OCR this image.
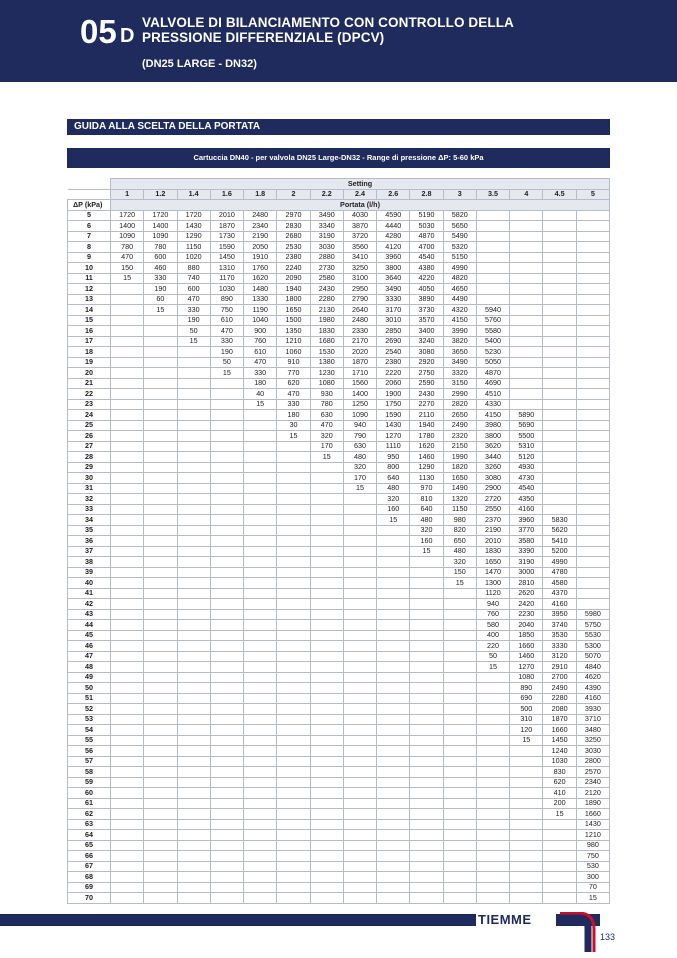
05 D
VALVOLE DI BILANCIAMENTO CON CONTROLLO DELLA PRESSIONE DIFFERENZIALE (DPCV)
(DN25 LARGE - DN32)
GUIDA ALLA SCELTA DELLA PORTATA
Cartuccia DN40 - per valvola DN25 Large-DN32 - Range di pressione ΔP: 5-60 kPa
	Setting														
	1	1.2	1.4	1.6	1.8	2	2.2	2.4	2.6	2.8	3	3.5	4	4.5	5
ΔP (kPa)	Portata (l/h)														
5	1720	1720	1720	2010	2480	2970	3490	4030	4590	5190	5820				
6	1400	1400	1430	1870	2340	2830	3340	3870	4440	5030	5650				
7	1090	1090	1290	1730	2190	2680	3190	3720	4280	4870	5490				
8	780	780	1150	1590	2050	2530	3030	3560	4120	4700	5320				
9	470	600	1020	1450	1910	2380	2880	3410	3960	4540	5150				
10	150	460	880	1310	1760	2240	2730	3250	3800	4380	4990				
11	15	330	740	1170	1620	2090	2580	3100	3640	4220	4820				
12		190	600	1030	1480	1940	2430	2950	3490	4050	4650				
13		60	470	890	1330	1800	2280	2790	3330	3890	4490				
14		15	330	750	1190	1650	2130	2640	3170	3730	4320	5940			
15			190	610	1040	1500	1980	2480	3010	3570	4150	5760			
16			50	470	900	1350	1830	2330	2850	3400	3990	5580			
17			15	330	760	1210	1680	2170	2690	3240	3820	5400			
18				190	610	1060	1530	2020	2540	3080	3650	5230			
19				50	470	910	1380	1870	2380	2920	3490	5050			
20				15	330	770	1230	1710	2220	2750	3320	4870			
21					180	620	1080	1560	2060	2590	3150	4690			
22					40	470	930	1400	1900	2430	2990	4510			
23					15	330	780	1250	1750	2270	2820	4330			
24						180	630	1090	1590	2110	2650	4150	5890		
25						30	470	940	1430	1940	2490	3980	5690		
26						15	320	790	1270	1780	2320	3800	5500		
27							170	630	1110	1620	2150	3620	5310		
28							15	480	950	1460	1990	3440	5120		
29								320	800	1290	1820	3260	4930		
30								170	640	1130	1650	3080	4730		
31								15	480	970	1490	2900	4540		
32									320	810	1320	2720	4350		
33									160	640	1150	2550	4160		
34									15	480	980	2370	3960	5830	
35										320	820	2190	3770	5620	
36										160	650	2010	3580	5410	
37										15	480	1830	3390	5200	
38											320	1650	3190	4990	
39											150	1470	3000	4780	
40											15	1300	2810	4580	
41												1120	2620	4370	
42												940	2420	4160	
43												760	2230	3950	5980
44												580	2040	3740	5750
45												400	1850	3530	5530
46												220	1660	3330	5300
47												50	1460	3120	5070
48												15	1270	2910	4840
49													1080	2700	4620
50													890	2490	4390
51													690	2280	4160
52													500	2080	3930
53													310	1870	3710
54													120	1660	3480
55													15	1450	3250
56														1240	3030
57														1030	2800
58														830	2570
59														620	2340
60														410	2120
61														200	1890
62														15	1660
63															1430
64															1210
65															980
66															750
67															530
68															300
69															70
70															15
TIEMME
133
